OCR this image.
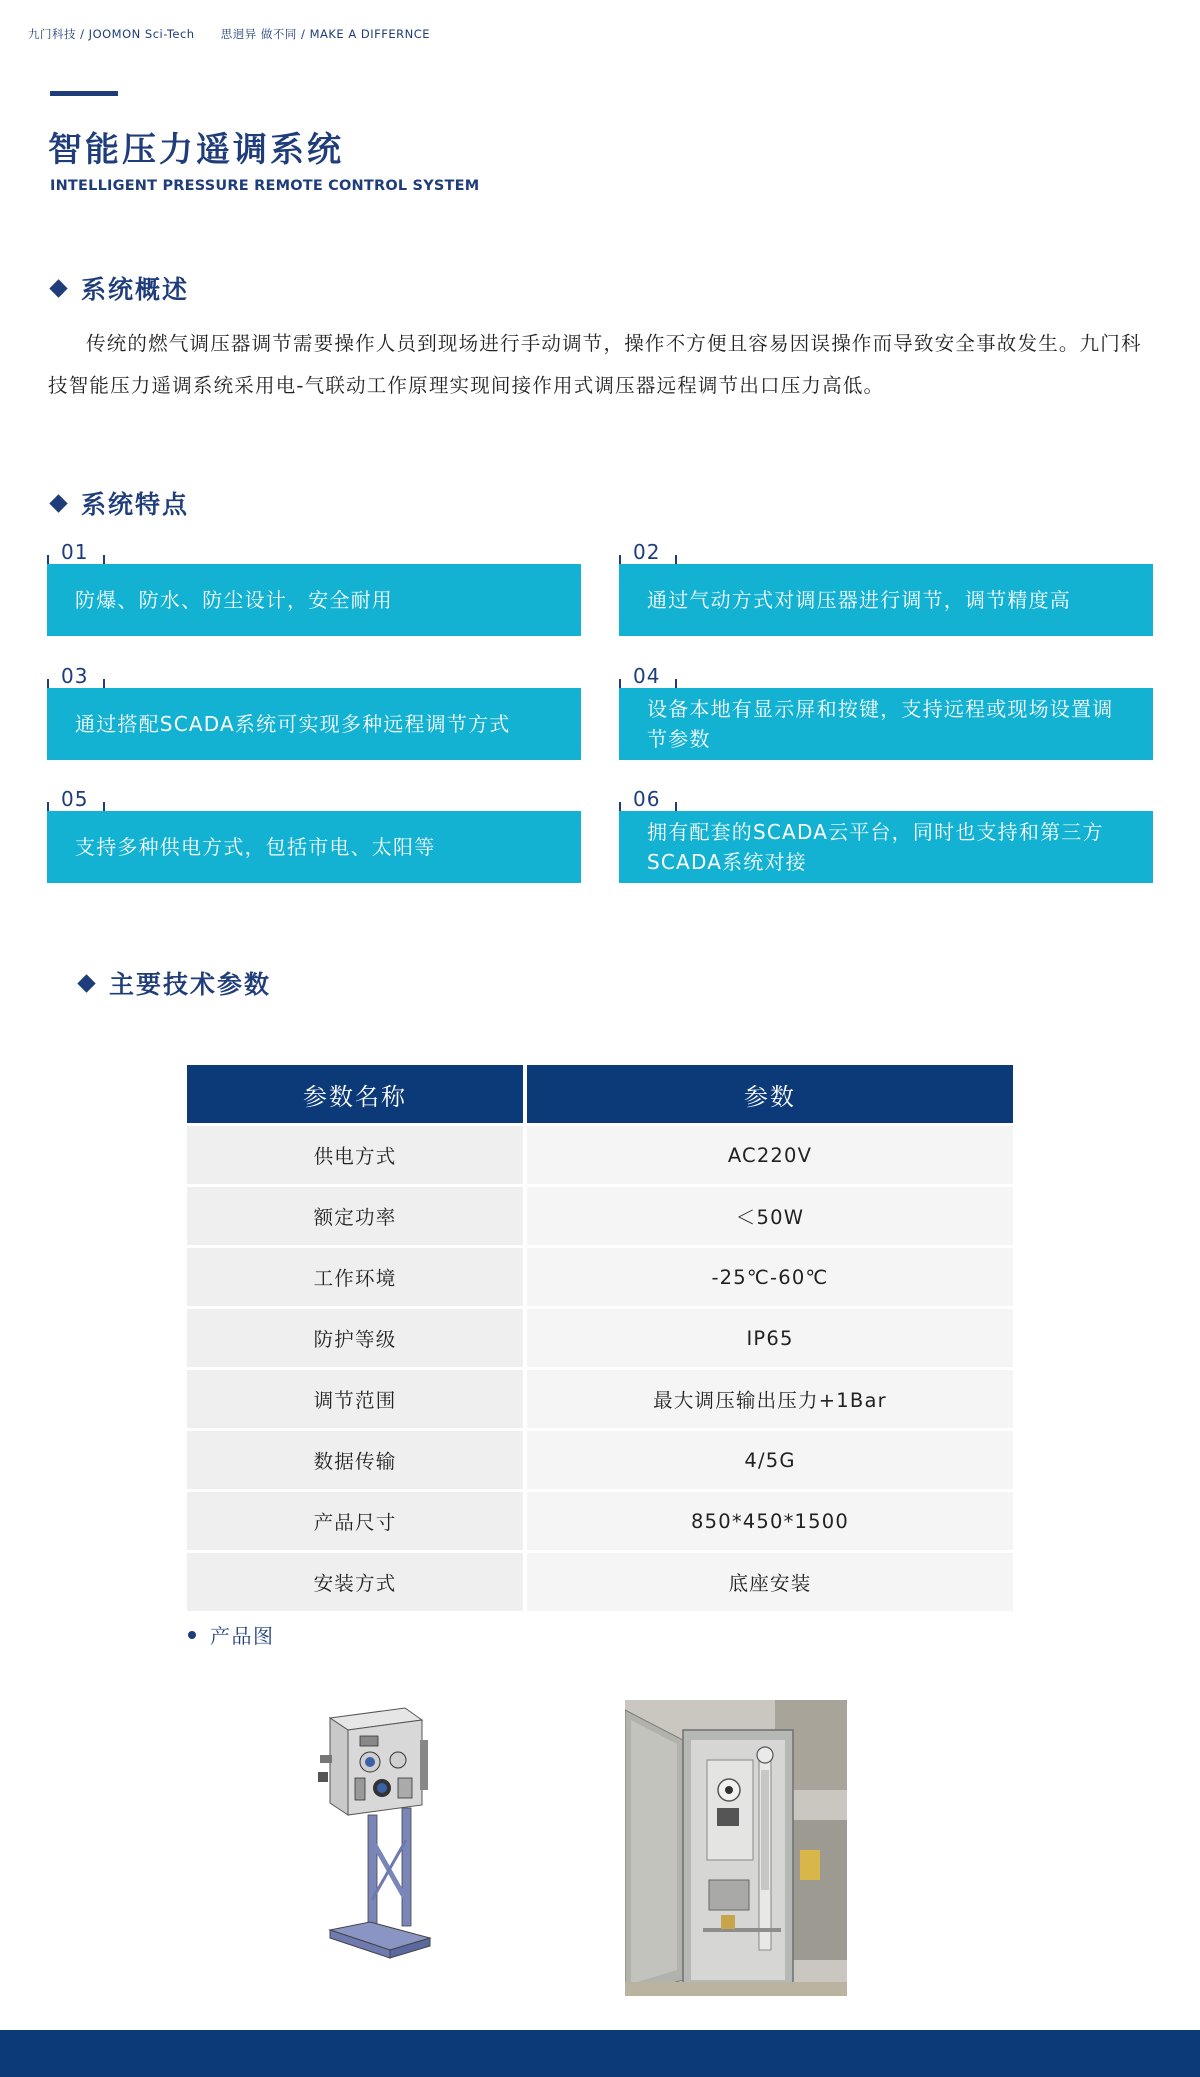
九门科技 / JOOMON Sci-Tech 思迥异 做不同 / MAKE A DIFFERNCE
智能压力遥调系统
INTELLIGENT PRESSURE REMOTE CONTROL SYSTEM
系统概述
传统的燃气调压器调节需要操作人员到现场进行手动调节，操作不方便且容易因误操作而导致安全事故发生。九门科技智能压力遥调系统采用电-气联动工作原理实现间接作用式调压器远程调节出口压力高低。
系统特点
01
防爆、防水、防尘设计，安全耐用
02
通过气动方式对调压器进行调节，调节精度高
03
通过搭配SCADA系统可实现多种远程调节方式
04
设备本地有显示屏和按键，支持远程或现场设置调节参数
05
支持多种供电方式，包括市电、太阳等
06
拥有配套的SCADA云平台，同时也支持和第三方SCADA系统对接
主要技术参数
参数名称	参数
供电方式	AC220V
额定功率	＜50W
工作环境	-25℃-60℃
防护等级	IP65
调节范围	最大调压输出压力+1Bar
数据传输	4/5G
产品尺寸	850*450*1500
安装方式	底座安装
产品图
